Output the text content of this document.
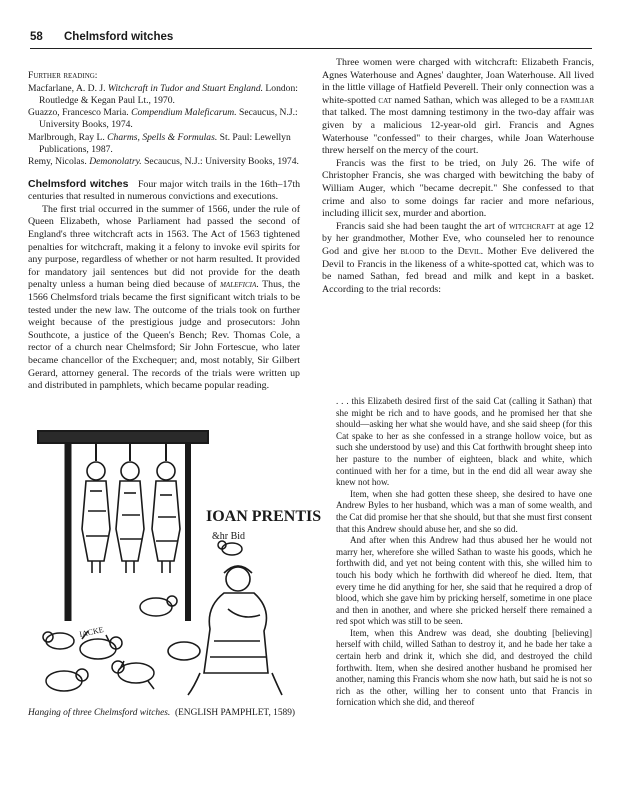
58 Chelmsford witches

Further reading:

Macfarlane, A. D. J. Witchcraft in Tudor and Stuart England. London: Routledge & Kegan Paul Lt., 1970.

Guazzo, Francesco Maria. Compendium Maleficarum. Secaucus, N.J.: University Books, 1974.

Marlbrough, Ray L. Charms, Spells & Formulas. St. Paul: Lewellyn Publications, 1987.

Remy, Nicolas. Demonolatry. Secaucus, N.J.: University Books, 1974.

Chelmsford witches Four major witch trails in the 16th–17th centuries that resulted in numerous convictions and executions.

The first trial occurred in the summer of 1566, under the rule of Queen Elizabeth, whose Parliament had passed the second of England's three witchcraft acts in 1563. The Act of 1563 tightened penalties for witchcraft, making it a felony to invoke evil spirits for any purpose, regardless of whether or not harm resulted. It provided for mandatory jail sentences but did not provide for the death penalty unless a human being died because of maleficia. Thus, the 1566 Chelmsford trials became the first significant witch trials to be tested under the new law. The outcome of the trials took on further weight because of the prestigious judge and prosecutors: John Southcote, a justice of the Queen's Bench; Rev. Thomas Cole, a rector of a church near Chelmsford; Sir John Fortescue, who later became chancellor of the Exchequer; and, most notably, Sir Gilbert Gerard, attorney general. The records of the trials were written up and distributed in pamphlets, which became popular reading.

Three women were charged with witchcraft: Elizabeth Francis, Agnes Waterhouse and Agnes' daughter, Joan Waterhouse. All lived in the little village of Hatfield Peverell. Their only connection was a white-spotted cat named Sathan, which was alleged to be a familiar that talked. The most damning testimony in the two-day affair was given by a malicious 12-year-old girl. Francis and Agnes Waterhouse "confessed" to their charges, while Joan Waterhouse threw herself on the mercy of the court.

Francis was the first to be tried, on July 26. The wife of Christopher Francis, she was charged with bewitching the baby of William Auger, which "became decrepit." She confessed to that crime and also to some doings far racier and more nefarious, including illicit sex, murder and abortion.

Francis said she had been taught the art of witchcraft at age 12 by her grandmother, Mother Eve, who counseled her to renounce God and give her blood to the Devil. Mother Eve delivered the Devil to Francis in the likeness of a white-spotted cat, which was to be named Sathan, fed bread and milk and kept in a basket. According to the trial records:

. . . this Elizabeth desired first of the said Cat (calling it Sathan) that she might be rich and to have goods, and he promised her that she should—asking her what she would have, and she said sheep (for this Cat spake to her as she confessed in a strange hollow voice, but as such she understood by use) and this Cat forthwith brought sheep into her pasture to the number of eighteen, black and white, which continued with her for a time, but in the end did all wear away she knew not how.

Item, when she had gotten these sheep, she desired to have one Andrew Byles to her husband, which was a man of some wealth, and the Cat did promise her that she should, but that she must first consent that this Andrew should abuse her, and she so did.

And after when this Andrew had thus abused her he would not marry her, wherefore she willed Sathan to waste his goods, which he forthwith did, and yet not being content with this, she willed him to touch his body which he forthwith did whereof he died. Item, that every time he did anything for her, she said that he required a drop of blood, which she gave him by pricking herself, sometime in one place and then in another, and where she pricked herself there remained a red spot which was still to be seen.

Item, when this Andrew was dead, she doubting [believing] herself with child, willed Sathan to destroy it, and he bade her take a certain herb and drink it, which she did, and destroyed the child forthwith. Item, when she desired another husband he promised her another, naming this Francis whom she now hath, but said he is not so rich as the other, willing her to consent unto that Francis in fornication which she did, and thereof

IOAN PRENTIS
&hr Bid
IACKE
Hanging of three Chelmsford witches. (ENGLISH PAMPHLET, 1589)
